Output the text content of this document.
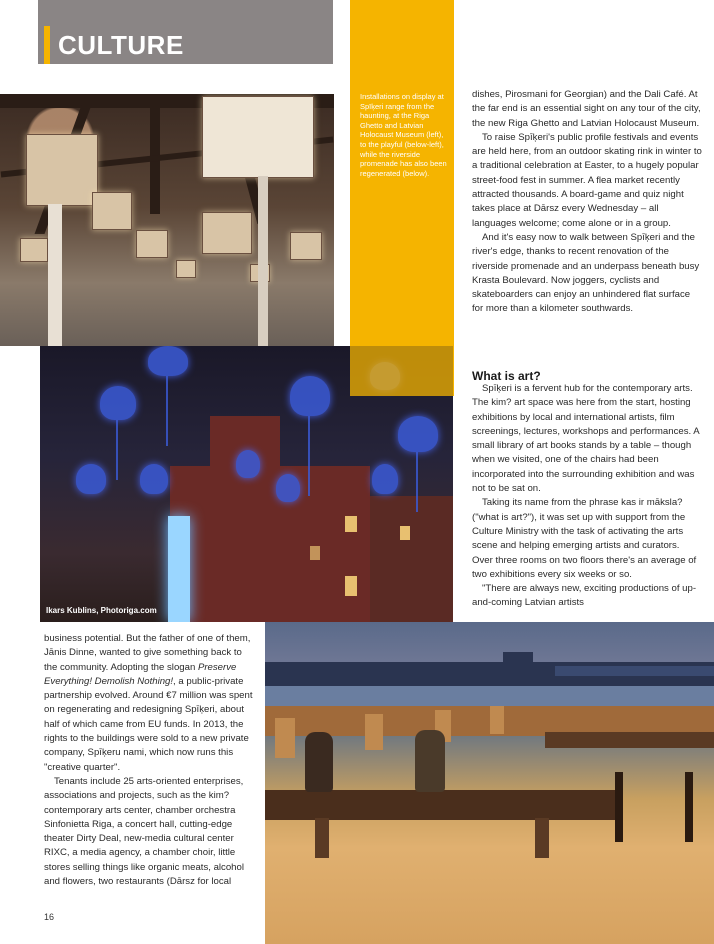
CULTURE
Installations on display at Spīķeri range from the haunting, at the Riga Ghetto and Latvian Holocaust Museum (left), to the playful (below-left), while the riverside promenade has also been regenerated (below).
Ikars Kublins, Photoriga.com

dishes, Pirosmani for Georgian) and the Dali Café. At the far end is an essential sight on any tour of the city, the new Riga Ghetto and Latvian Holocaust Museum.

To raise Spīķeri's public profile festivals and events are held here, from an outdoor skating rink in winter to a traditional celebration at Easter, to a hugely popular street-food fest in summer. A flea market recently attracted thousands. A board-game and quiz night takes place at Dārsz every Wednesday – all languages welcome; come alone or in a group.

And it's easy now to walk between Spīķeri and the river's edge, thanks to recent renovation of the riverside promenade and an underpass beneath busy Krasta Boulevard. Now joggers, cyclists and skateboarders can enjoy an unhindered flat surface for more than a kilometer southwards.

What is art?

Spīķeri is a fervent hub for the contemporary arts. The kim? art space was here from the start, hosting exhibitions by local and international artists, film screenings, lectures, workshops and performances. A small library of art books stands by a table – though when we visited, one of the chairs had been incorporated into the surrounding exhibition and was not to be sat on.

Taking its name from the phrase kas ir māksla? ("what is art?"), it was set up with support from the Culture Ministry with the task of activating the arts scene and helping emerging artists and curators. Over three rooms on two floors there's an average of two exhibitions every six weeks or so.

"There are always new, exciting productions of up-and-coming Latvian artists

business potential. But the father of one of them, Jānis Dinne, wanted to give something back to the community. Adopting the slogan Preserve Everything! Demolish Nothing!, a public-private partnership evolved. Around €7 million was spent on regenerating and redesigning Spīķeri, about half of which came from EU funds. In 2013, the rights to the buildings were sold to a new private company, Spīķeru nami, which now runs this "creative quarter".

Tenants include 25 arts-oriented enterprises, associations and projects, such as the kim? contemporary arts center, chamber orchestra Sinfonietta Riga, a concert hall, cutting-edge theater Dirty Deal, new-media cultural center RIXC, a media agency, a chamber choir, little stores selling things like organic meats, alcohol and flowers, two restaurants (Dārsz for local

16
